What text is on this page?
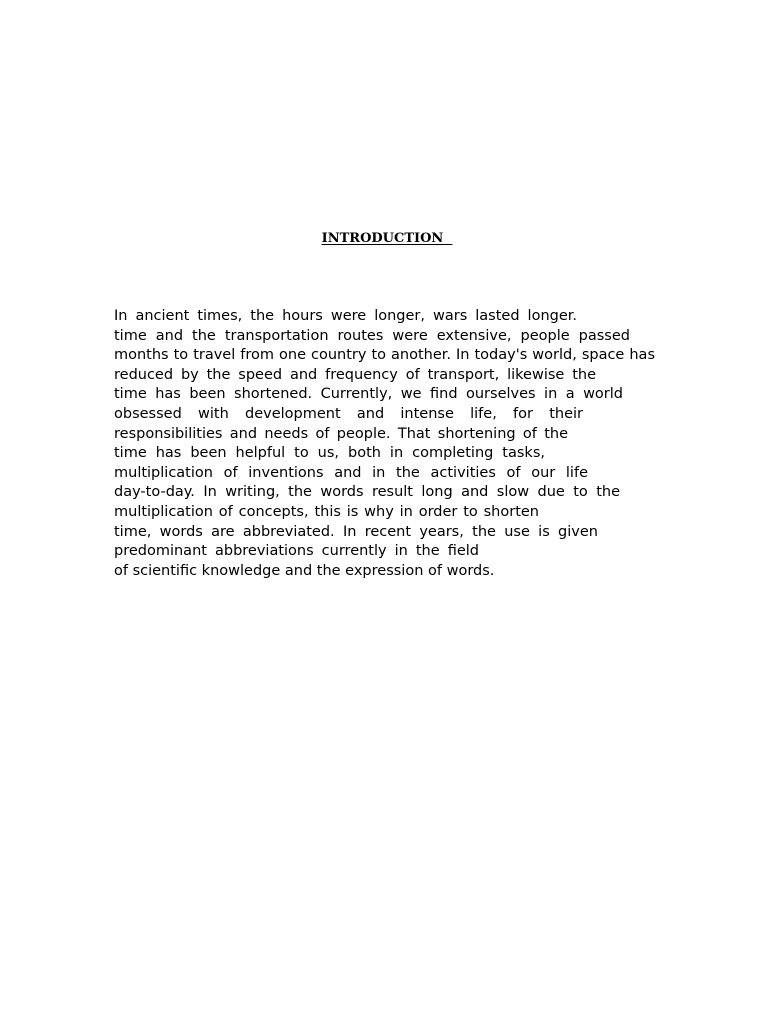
INTRODUCTION
In ancient times, the hours were longer, wars lasted longer.
time and the transportation routes were extensive, people passed
months to travel from one country to another. In today's world, space has
reduced by the speed and frequency of transport, likewise the
time has been shortened. Currently, we find ourselves in a world
obsessed with development and intense life, for their
responsibilities and needs of people. That shortening of the
time has been helpful to us, both in completing tasks,
multiplication of inventions and in the activities of our life
day-to-day. In writing, the words result long and slow due to the
multiplication of concepts, this is why in order to shorten
time, words are abbreviated. In recent years, the use is given
predominant abbreviations currently in the field
of scientific knowledge and the expression of words.
